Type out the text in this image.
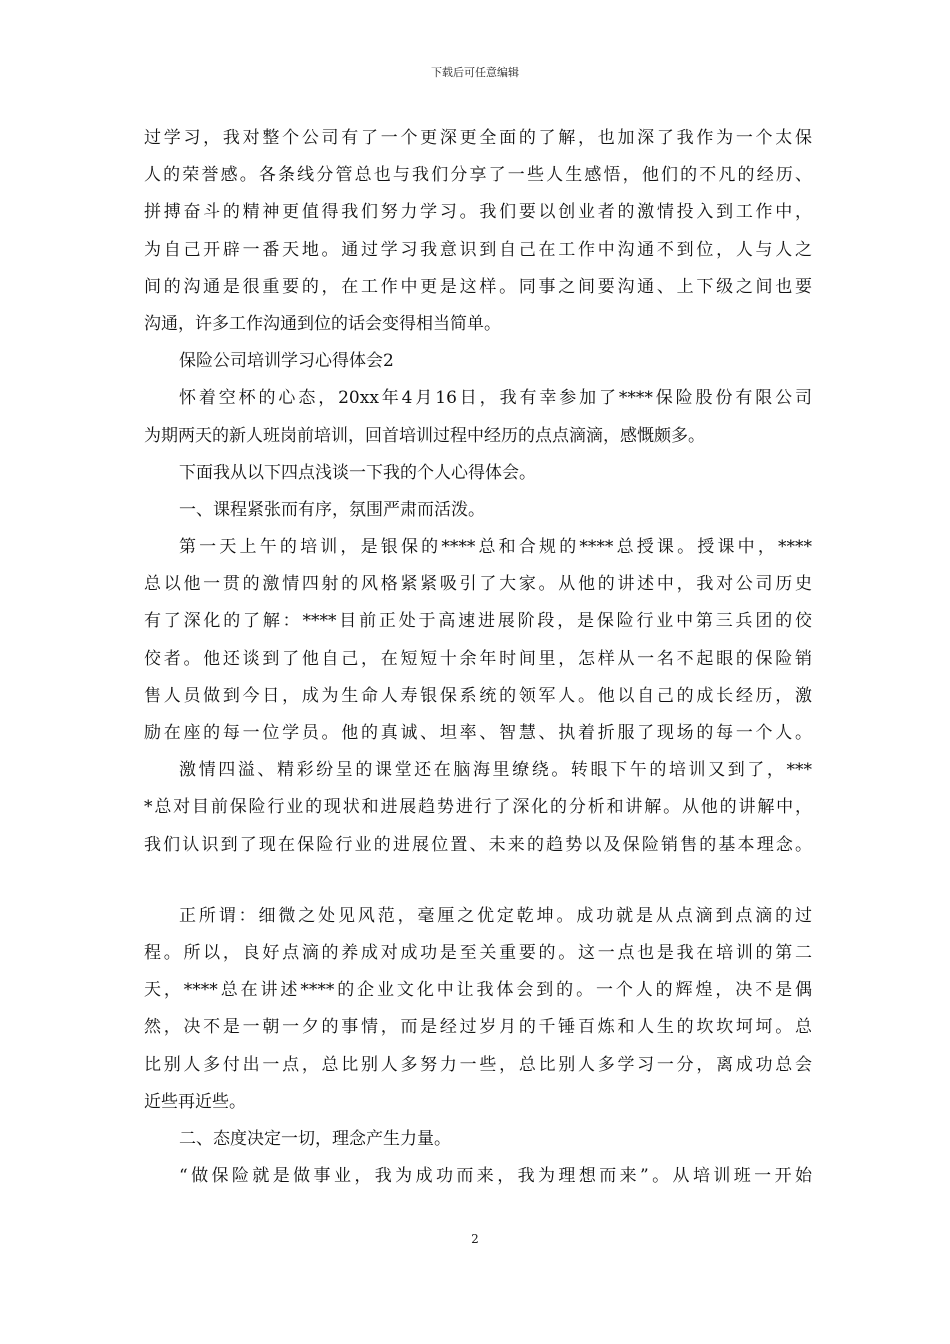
下载后可任意编辑
过学习，我对整个公司有了一个更深更全面的了解，也加深了我作为一个太保
人的荣誉感。各条线分管总也与我们分享了一些人生感悟，他们的不凡的经历、
拼搏奋斗的精神更值得我们努力学习。我们要以创业者的激情投入到工作中，
为自己开辟一番天地。通过学习我意识到自己在工作中沟通不到位，人与人之
间的沟通是很重要的，在工作中更是这样。同事之间要沟通、上下级之间也要
沟通，许多工作沟通到位的话会变得相当简单。
保险公司培训学习心得体会2
怀着空杯的心态，20xx年4月16日，我有幸参加了****保险股份有限公司
为期两天的新人班岗前培训，回首培训过程中经历的点点滴滴，感慨颇多。
下面我从以下四点浅谈一下我的个人心得体会。
一、课程紧张而有序，氛围严肃而活泼。
第一天上午的培训，是银保的****总和合规的****总授课。授课中，****
总以他一贯的激情四射的风格紧紧吸引了大家。从他的讲述中，我对公司历史
有了深化的了解：****目前正处于高速进展阶段，是保险行业中第三兵团的佼
佼者。他还谈到了他自己，在短短十余年时间里，怎样从一名不起眼的保险销
售人员做到今日，成为生命人寿银保系统的领军人。他以自己的成长经历，激
励在座的每一位学员。他的真诚、坦率、智慧、执着折服了现场的每一个人。
激情四溢、精彩纷呈的课堂还在脑海里缭绕。转眼下午的培训又到了，***
*总对目前保险行业的现状和进展趋势进行了深化的分析和讲解。从他的讲解中，
我们认识到了现在保险行业的进展位置、未来的趋势以及保险销售的基本理念。
正所谓：细微之处见风范，毫厘之优定乾坤。成功就是从点滴到点滴的过
程。所以，良好点滴的养成对成功是至关重要的。这一点也是我在培训的第二
天，****总在讲述****的企业文化中让我体会到的。一个人的辉煌，决不是偶
然，决不是一朝一夕的事情，而是经过岁月的千锤百炼和人生的坎坎坷坷。总
比别人多付出一点，总比别人多努力一些，总比别人多学习一分，离成功总会
近些再近些。
二、态度决定一切，理念产生力量。
“做保险就是做事业，我为成功而来，我为理想而来”。从培训班一开始
2
